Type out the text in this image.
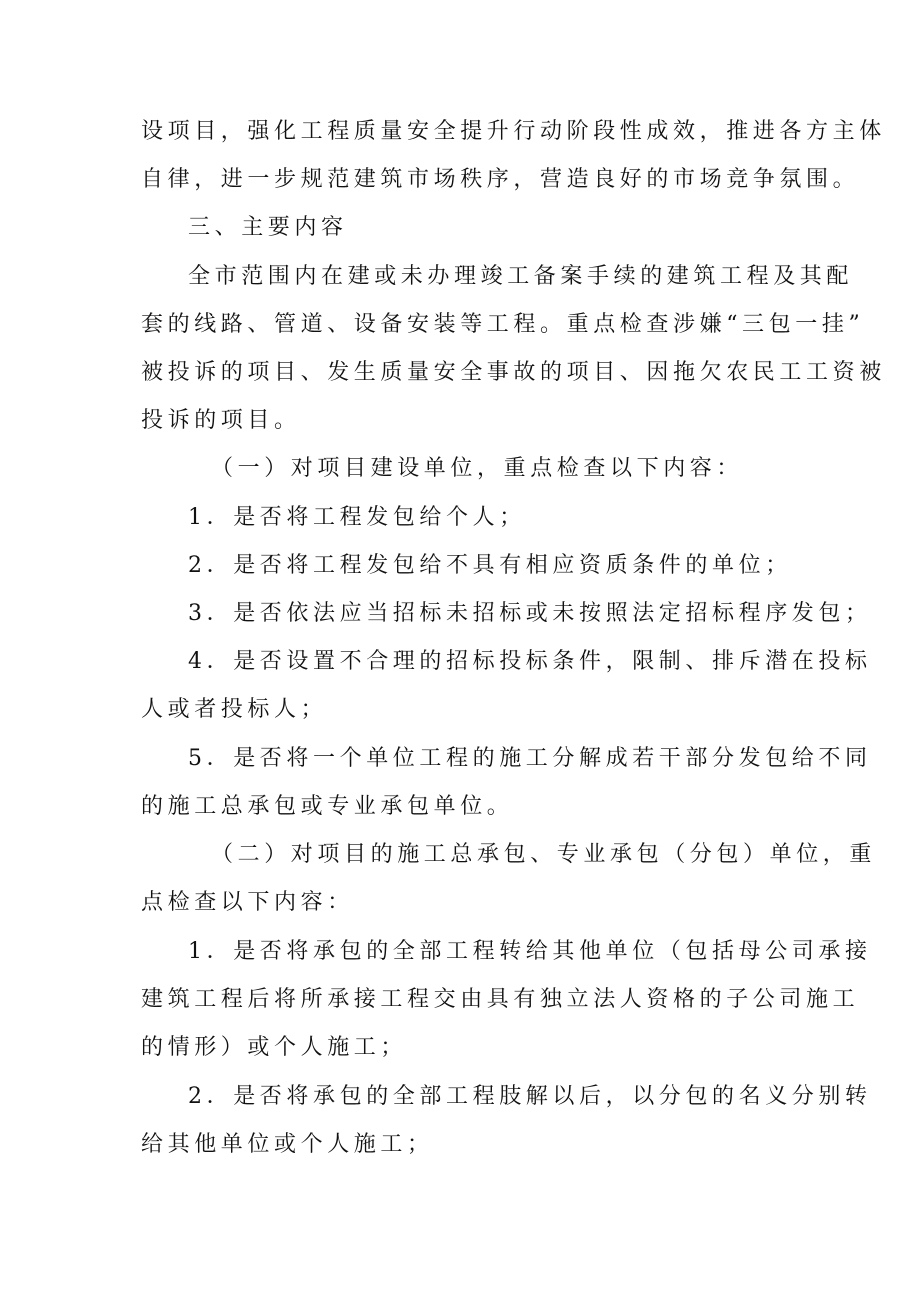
设项目，强化工程质量安全提升行动阶段性成效，推进各方主体
自律，进一步规范建筑市场秩序，营造良好的市场竞争氛围。
三、主要内容
全市范围内在建或未办理竣工备案手续的建筑工程及其配
套的线路、管道、设备安装等工程。重点检查涉嫌“三包一挂”
被投诉的项目、发生质量安全事故的项目、因拖欠农民工工资被
投诉的项目。
（一）对项目建设单位，重点检查以下内容：
1．是否将工程发包给个人；
2．是否将工程发包给不具有相应资质条件的单位；
3．是否依法应当招标未招标或未按照法定招标程序发包；
4．是否设置不合理的招标投标条件，限制、排斥潜在投标
人或者投标人；
5．是否将一个单位工程的施工分解成若干部分发包给不同
的施工总承包或专业承包单位。
（二）对项目的施工总承包、专业承包（分包）单位，重
点检查以下内容：
1．是否将承包的全部工程转给其他单位（包括母公司承接
建筑工程后将所承接工程交由具有独立法人资格的子公司施工
的情形）或个人施工；
2．是否将承包的全部工程肢解以后，以分包的名义分别转
给其他单位或个人施工；
